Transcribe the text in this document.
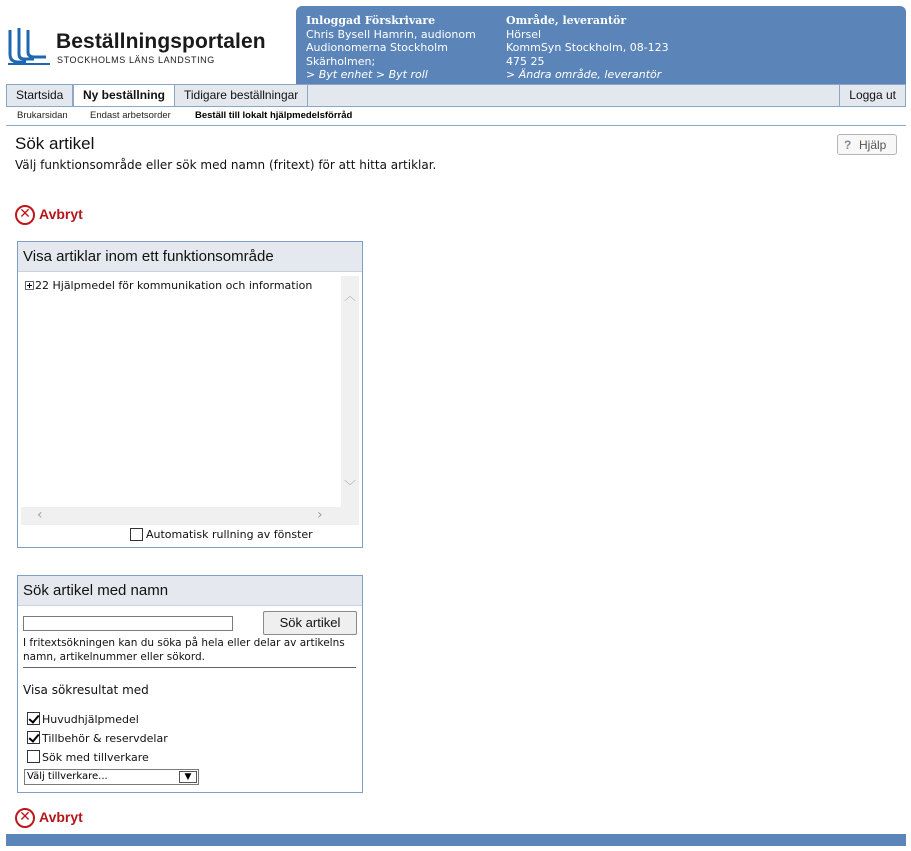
Beställningsportalen
STOCKHOLMS LÄNS LANDSTING
Inloggad Förskrivare
Chris Bysell Hamrin, audionom
Audionomerna Stockholm
Skärholmen;
> Byt enhet > Byt roll
Område, leverantör
Hörsel
KommSyn Stockholm, 08-123
475 25
> Ändra område, leverantör
Startsida	Ny beställning	Tidigare beställningar	Logga ut
Brukarsidan Endast arbetsorder	Beställ till lokalt hjälpmedelsförråd
Sök artikel
Välj funktionsområde eller sök med namn (fritext) för att hitta artiklar.
? Hjälp
✕ Avbryt
Visa artiklar inom ett funktionsområde
22 Hjälpmedel för kommunikation och information
︿
﹀
‹	›
Automatisk rullning av fönster
Sök artikel med namn
Sök artikel
I fritextsökningen kan du söka på hela eller delar av artikelns namn, artikelnummer eller sökord.
Visa sökresultat med
Huvudhjälpmedel
Tillbehör & reservdelar
Sök med tillverkare
Välj tillverkare...	▼
✕ Avbryt
